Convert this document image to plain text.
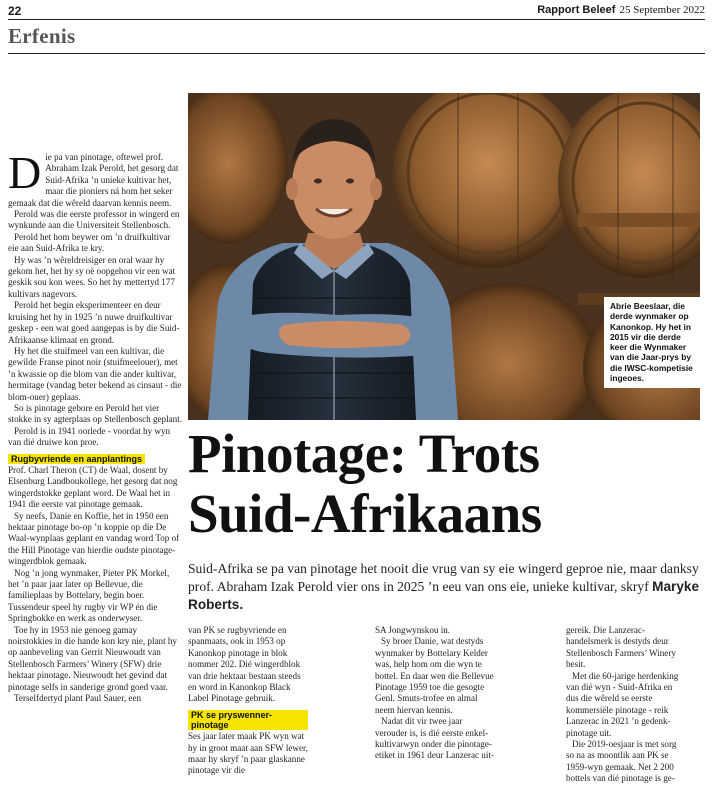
22	Rapport Beleef 25 September 2022
Erfenis

Die pa van pinotage, oftewel prof. Abraham Izak Perold, het gesorg dat Suid-Afrika ’n unieke kultivar het, maar die pioniers ná hom het seker gemaak dat die wêreld daarvan kennis neem.

Perold was die eerste professor in wingerd en wynkunde aan die Universiteit Stellenbosch.

Perold het hom beywer om ’n druifkultivar eie aan Suid-Afrika te kry.

Hy was ’n wêreldreisiger en oral waar hy gekom het, het hy sy oë oopgehou vir een wat geskik sou kon wees. So het hy mettertyd 177 kultivars nagevors.

Perold het begin eksperimenteer en deur kruising het hy in 1925 ’n nuwe druifkultivar geskep - een wat goed aangepas is by die Suid-Afrikaanse klimaat en grond.

Hy het die stuifmeel van een kultivar, die gewilde Franse pinot noir (stuifmeelouer), met ’n kwassie op die blom van die ander kultivar, hermitage (vandag beter bekend as cinsaut - die blom-ouer) geplaas.

So is pinotage gebore en Perold het vier stokke in sy agterplaas op Stellenbosch geplant.

Perold is in 1941 oorlede - voordat hy wyn van dié druiwe kon proe.

Rugbyvriende en aanplantings

Prof. Charl Theron (CT) de Waal, dosent by Elsenburg Landboukollege, het gesorg dat nog wingerdstokke geplant word. De Waal het in 1941 die eerste vat pinotage gemaak.

Sy neefs, Danie en Koffie, het in 1950 een hektaar pinotage bo-op ’n koppie op die De Waal-wynplaas geplant en vandag word Top of the Hill Pinotage van hierdie oudste pinotage-wingerdblok gemaak.

Nog ’n jong wynmaker, Pieter PK Morkel, het ’n paar jaar later op Bellevue, die familieplaas by Bottelary, begin boer. Tussendeur speel hy rugby vir WP én die Springbokke en werk as onderwyser.

Toe hy in 1953 nie genoeg gamay noirstokkies in die hande kon kry nie, plant hy op aanbeveling van Gerrit Nieuwoudt van Stellenbosch Farmers’ Winery (SFW) drie hektaar pinotage. Nieuwoudt het gevind dat pinotage selfs in sanderige grond goed vaar.

Terselfdertyd plant Paul Sauer, een

Abrie Beeslaar, die derde wynmaker op Kanonkop. Hy het in 2015 vir die derde keer die Wynmaker van die Jaar-prys by die IWSC-kompetisie ingeoes.
Pinotage: Trots
Suid-Afrikaans
Suid-Afrika se pa van pinotage het nooit die vrug van sy eie wingerd geproe nie, maar danksy prof. Abraham Izak Perold vier ons in 2025 ’n eeu van ons eie, unieke kultivar, skryf Maryke Roberts.

van PK se rugbyvriende en spanmaats, ook in 1953 op Kanonkop pinotage in blok nommer 202. Dié wingerdblok van drie hektaar bestaan steeds en word in Kanonkop Black Label Pinotage gebruik.

PK se pryswenner-pinotage

Ses jaar later maak PK wyn wat hy in groot maat aan SFW lewer, maar hy skryf ’n paar glaskanne pinotage vir die

SA Jongwynskou in.

Sy broer Danie, wat destyds wynmaker by Bottelary Kelder was, help hom om die wyn te bottel. En daar wen die Bellevue Pinotage 1959 toe die gesogte Genl. Smuts-trofee en almal neem hiervan kennis.

Nadat dit vir twee jaar verouder is, is dié eerste enkel-kultivarwyn onder die pinotage-etiket in 1961 deur Lanzerac uit-

gereik. Die Lanzerac-handelsmerk is destyds deur Stellenbosch Farmers’ Winery besit.

Met die 60-jarige herdenking van dié wyn - Suid-Afrika en dus die wêreld se eerste kommersiële pinotage - reik Lanzerac in 2021 ’n gedenk-pinotage uit.

Die 2019-oesjaar is met sorg so na as moontlik aan PK se 1959-wyn gemaak. Net 2 200 bottels van dié pinotage is ge-
